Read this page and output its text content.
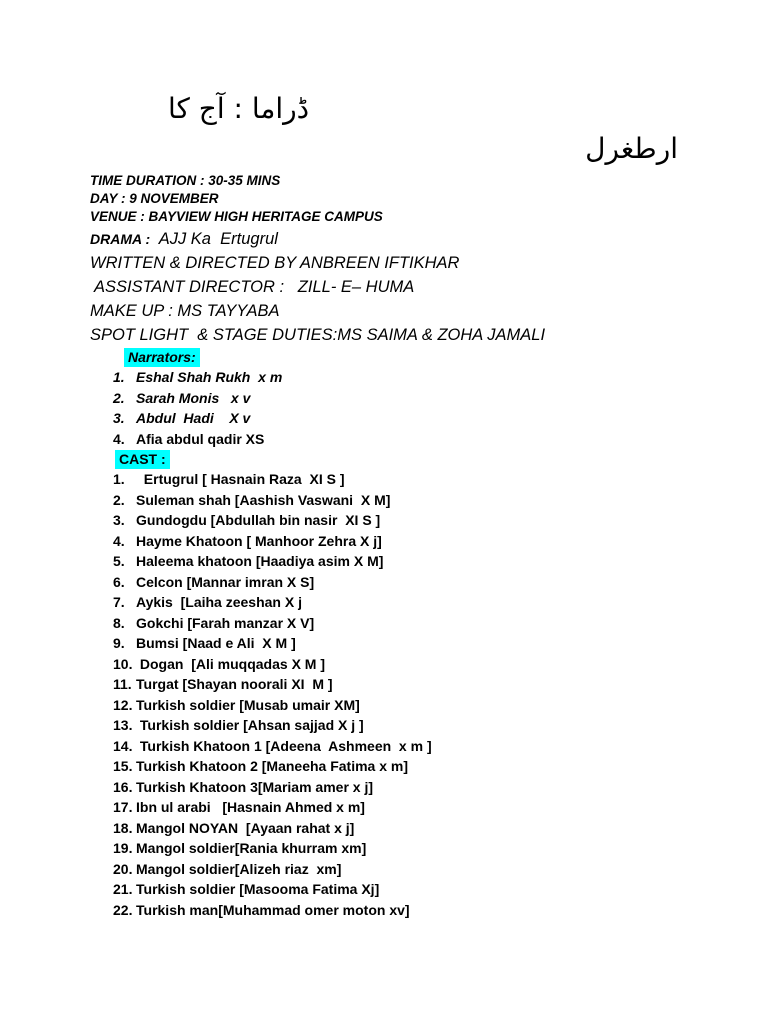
ڈراما : آج کا
ارطغرل
TIME DURATION : 30-35 MINS
DAY : 9 NOVEMBER
VENUE : BAYVIEW HIGH HERITAGE CAMPUS
DRAMA :  AJJ Ka  Ertugrul
WRITTEN & DIRECTED BY ANBREEN IFTIKHAR
ASSISTANT DIRECTOR :   ZILL- E– HUMA
MAKE UP : MS TAYYABA
SPOT LIGHT  & STAGE DUTIES:MS SAIMA & ZOHA JAMALI
Narrators:
1. Eshal Shah Rukh  x m
2. Sarah Monis   x v
3. Abdul  Hadi    X v
4. Afia abdul qadir XS
CAST :
1.  Ertugrul [ Hasnain Raza  XI S ]
2. Suleman shah [Aashish Vaswani  X M]
3. Gundogdu [Abdullah bin nasir  XI S ]
4. Hayme Khatoon [ Manhoor Zehra X j]
5. Haleema khatoon [Haadiya asim X M]
6. Celcon [Mannar imran X S]
7. Aykis  [Laiha zeeshan X j
8. Gokchi [Farah manzar X V]
9. Bumsi [Naad e Ali  X M ]
10. Dogan  [Ali muqqadas X M ]
11. Turgat [Shayan noorali XI  M ]
12. Turkish soldier [Musab umair XM]
13. Turkish soldier [Ahsan sajjad X j ]
14. Turkish Khatoon 1 [Adeena  Ashmeen  x m ]
15. Turkish Khatoon 2 [Maneeha Fatima x m]
16. Turkish Khatoon 3[Mariam amer x j]
17. Ibn ul arabi   [Hasnain Ahmed x m]
18. Mangol NOYAN  [Ayaan rahat x j]
19. Mangol soldier[Rania khurram xm]
20. Mangol soldier[Alizeh riaz  xm]
21. Turkish soldier [Masooma Fatima Xj]
22. Turkish man[Muhammad omer moton xv]
